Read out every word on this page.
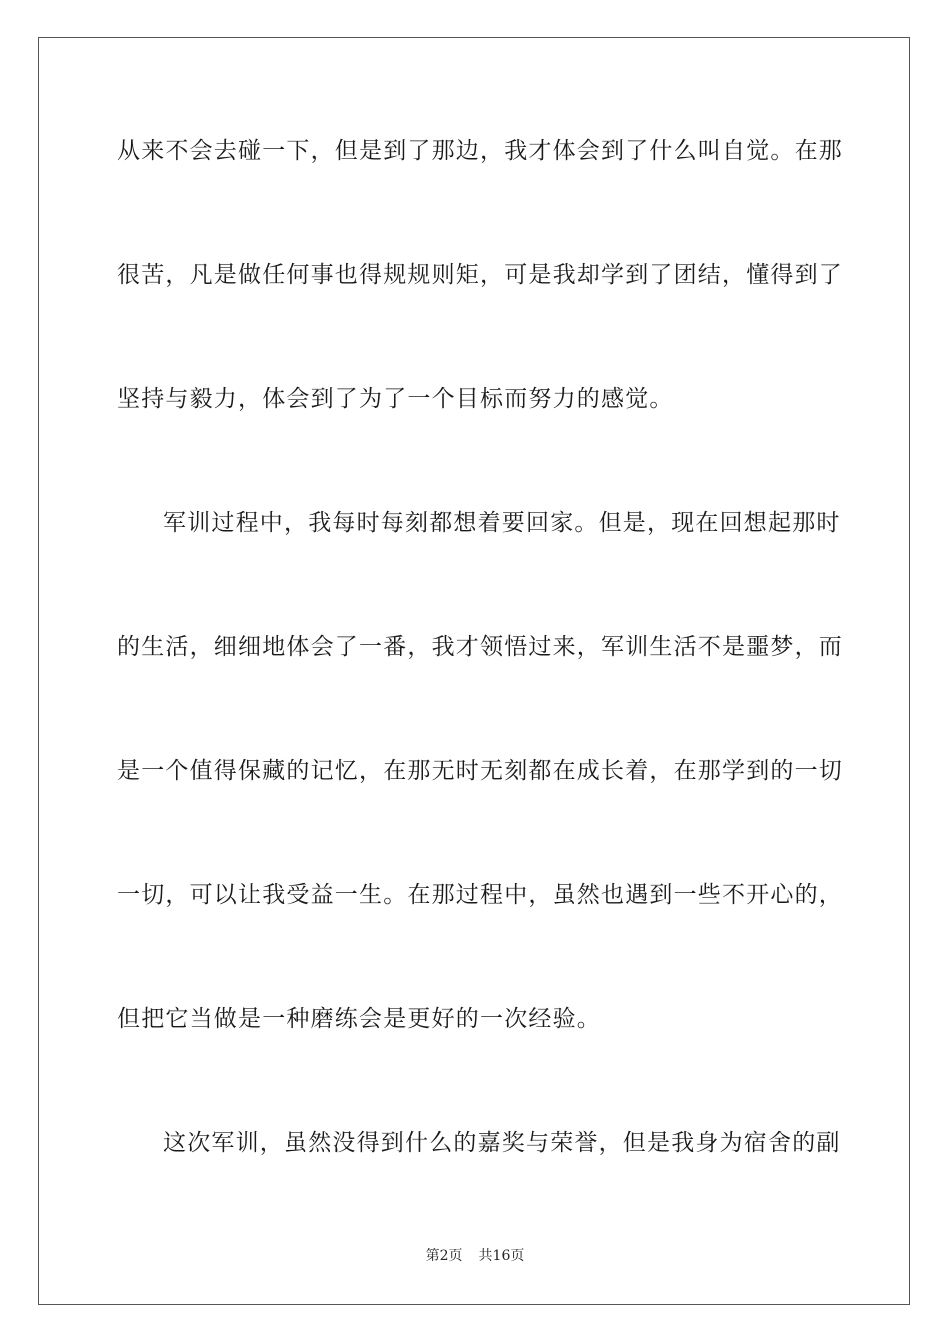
从来不会去碰一下，但是到了那边，我才体会到了什么叫自觉。在那
很苦，凡是做任何事也得规规则矩，可是我却学到了团结，懂得到了
坚持与毅力，体会到了为了一个目标而努力的感觉。
军训过程中，我每时每刻都想着要回家。但是，现在回想起那时
的生活，细细地体会了一番，我才领悟过来，军训生活不是噩梦，而
是一个值得保藏的记忆，在那无时无刻都在成长着，在那学到的一切
一切，可以让我受益一生。在那过程中，虽然也遇到一些不开心的，
但把它当做是一种磨练会是更好的一次经验。
这次军训，虽然没得到什么的嘉奖与荣誉，但是我身为宿舍的副
第2页 共16页
